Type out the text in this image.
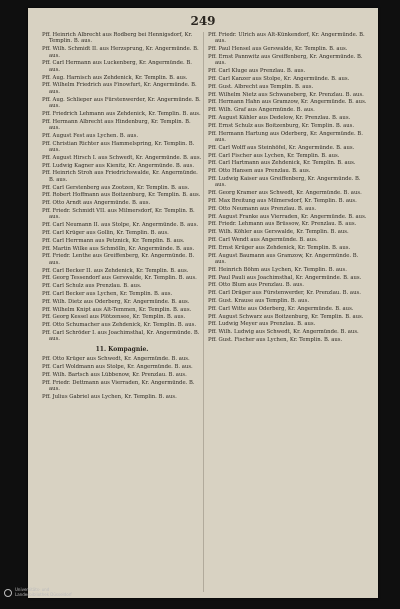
249
Pff. Heinrich Albrecht aus Rodberg bei Hennigsdorf, Kr. Templin. B. aus.
Pff. Wilh. Schmidt II. aus Herzsprung, Kr. Angermünde. B. aus.
Pff. Carl Hermann aus Luckenberg, Kr. Angermünde. B. aus.
Pff. Aug. Harnisch aus Zehdenick, Kr. Templin. B. aus.
Pff. Wilhelm Friedrich aus Finowfurt, Kr. Angermünde. B. aus.
Pff. Aug. Schlieper aus Fürstenwerder, Kr. Angermünde. B. aus.
Pff. Friedrich Lehmann aus Zehdenick, Kr. Templin. B. aus.
Pff. Hermann Albrecht aus Hindenburg, Kr. Templin. B. aus.
Pff. August Fest aus Lychen. B. aus.
Pff. Christian Richter aus Hammelspring, Kr. Templin. B. aus.
Pff. August Hirsch I. aus Schwedt, Kr. Angermünde. B. aus.
Pff. Ludwig Kagner aus Kienitz, Kr. Angermünde. B. aus.
Pff. Heinrich Stroh aus Friedrichswalde, Kr. Angermünde. B. aus.
Pff. Carl Gerstenberg aus Zootzen, Kr. Templin. B. aus.
Pff. Robert Hoffmann aus Boitzenburg, Kr. Templin. B. aus.
Pff. Otto Arndt aus Angermünde. B. aus.
Pff. Friedr. Schmidt VII. aus Milmersdorf, Kr. Templin. B. aus.
Pff. Carl Neumann II. aus Stolpe, Kr. Angermünde. B. aus.
Pff. Carl Krüger aus Gollin, Kr. Templin. B. aus.
Pff. Carl Herrmann aus Petznick, Kr. Templin. B. aus.
Pff. Martin Wilke aus Schmölln, Kr. Angermünde. B. aus.
Pff. Friedr. Lenthe aus Greiffenberg, Kr. Angermünde. B. aus.
Pff. Carl Becker II. aus Zehdenick, Kr. Templin. B. aus.
Pff. Georg Tessendorf aus Gerswalde, Kr. Templin. B. aus.
Pff. Carl Schulz aus Prenzlau. B. aus.
Pff. Carl Becker aus Lychen, Kr. Templin. B. aus.
Pff. Wilh. Dietz aus Oderberg, Kr. Angermünde. B. aus.
Pff. Wilhelm Knipt aus Alt-Temmen, Kr. Templin. B. aus.
Pff. Georg Kessel aus Plötzensee, Kr. Templin. B. aus.
Pff. Otto Schumacher aus Zehdenick, Kr. Templin. B. aus.
Pff. Carl Schröder I. aus Joachimsthal, Kr. Angermünde. B. aus.
11. Kompagnie.
Pff. Otto Krüger aus Schwedt, Kr. Angermünde. B. aus.
Pff. Carl Woldmann aus Stolpe, Kr. Angermünde. B. aus.
Pff. Wilh. Bartsch aus Lübbenow, Kr. Prenzlau. B. aus.
Pff. Friedr. Dettmann aus Vierraden, Kr. Angermünde. B. aus.
Pff. Julius Gabriel aus Lychen, Kr. Templin. B. aus.
Pff. Friedr. Ulrich aus Alt-Künkendorf, Kr. Angermünde. B. aus.
Pff. Paul Hensel aus Gerswalde, Kr. Templin. B. aus.
Pff. Ernst Pannwitz aus Greiffenberg, Kr. Angermünde. B. aus.
Pff. Carl Kluge aus Prenzlau. B. aus.
Pff. Carl Kanzer aus Stolpe, Kr. Angermünde. B. aus.
Pff. Gust. Albrecht aus Templin. B. aus.
Pff. Wilhelm Nietz aus Schwaneberg, Kr. Prenzlau. B. aus.
Pff. Hermann Hahn aus Gramzow, Kr. Angermünde. B. aus.
Pff. Wilh. Graf aus Angermünde. B. aus.
Pff. August Kähler aus Dedelow, Kr. Prenzlau. B. aus.
Pff. Ernst Schulz aus Boitzenburg, Kr. Templin. B. aus.
Pff. Hermann Hartung aus Oderberg, Kr. Angermünde. B. aus.
Pff. Carl Wolff aus Steinhöfel, Kr. Angermünde. B. aus.
Pff. Carl Fischer aus Lychen, Kr. Templin. B. aus.
Pff. Carl Hartmann aus Zehdenick, Kr. Templin. B. aus.
Pff. Otto Hansen aus Prenzlau. B. aus.
Pff. Ludwig Kaiser aus Greiffenberg, Kr. Angermünde. B. aus.
Pff. Georg Kramer aus Schwedt, Kr. Angermünde. B. aus.
Pff. Max Breitung aus Milmersdorf, Kr. Templin. B. aus.
Pff. Otto Neumann aus Prenzlau. B. aus.
Pff. August Franke aus Vierraden, Kr. Angermünde. B. aus.
Pff. Friedr. Lehmann aus Brüssow, Kr. Prenzlau. B. aus.
Pff. Wilh. Köhler aus Gerswalde, Kr. Templin. B. aus.
Pff. Carl Wendt aus Angermünde. B. aus.
Pff. Ernst Krüger aus Zehdenick, Kr. Templin. B. aus.
Pff. August Baumann aus Gramzow, Kr. Angermünde. B. aus.
Pff. Heinrich Böhm aus Lychen, Kr. Templin. B. aus.
Pff. Paul Pauli aus Joachimsthal, Kr. Angermünde. B. aus.
Pff. Otto Blum aus Prenzlau. B. aus.
Pff. Carl Dräger aus Fürstenwerder, Kr. Prenzlau. B. aus.
Pff. Gust. Krause aus Templin. B. aus.
Pff. Carl Witte aus Oderberg, Kr. Angermünde. B. aus.
Pff. August Schwarz aus Boitzenburg, Kr. Templin. B. aus.
Pff. Ludwig Meyer aus Prenzlau. B. aus.
Pff. Wilh. Ludwig aus Schwedt, Kr. Angermünde. B. aus.
Pff. Gust. Fischer aus Lychen, Kr. Templin. B. aus.
Universitäts- und
Landesbibliothek Düsseldorf
